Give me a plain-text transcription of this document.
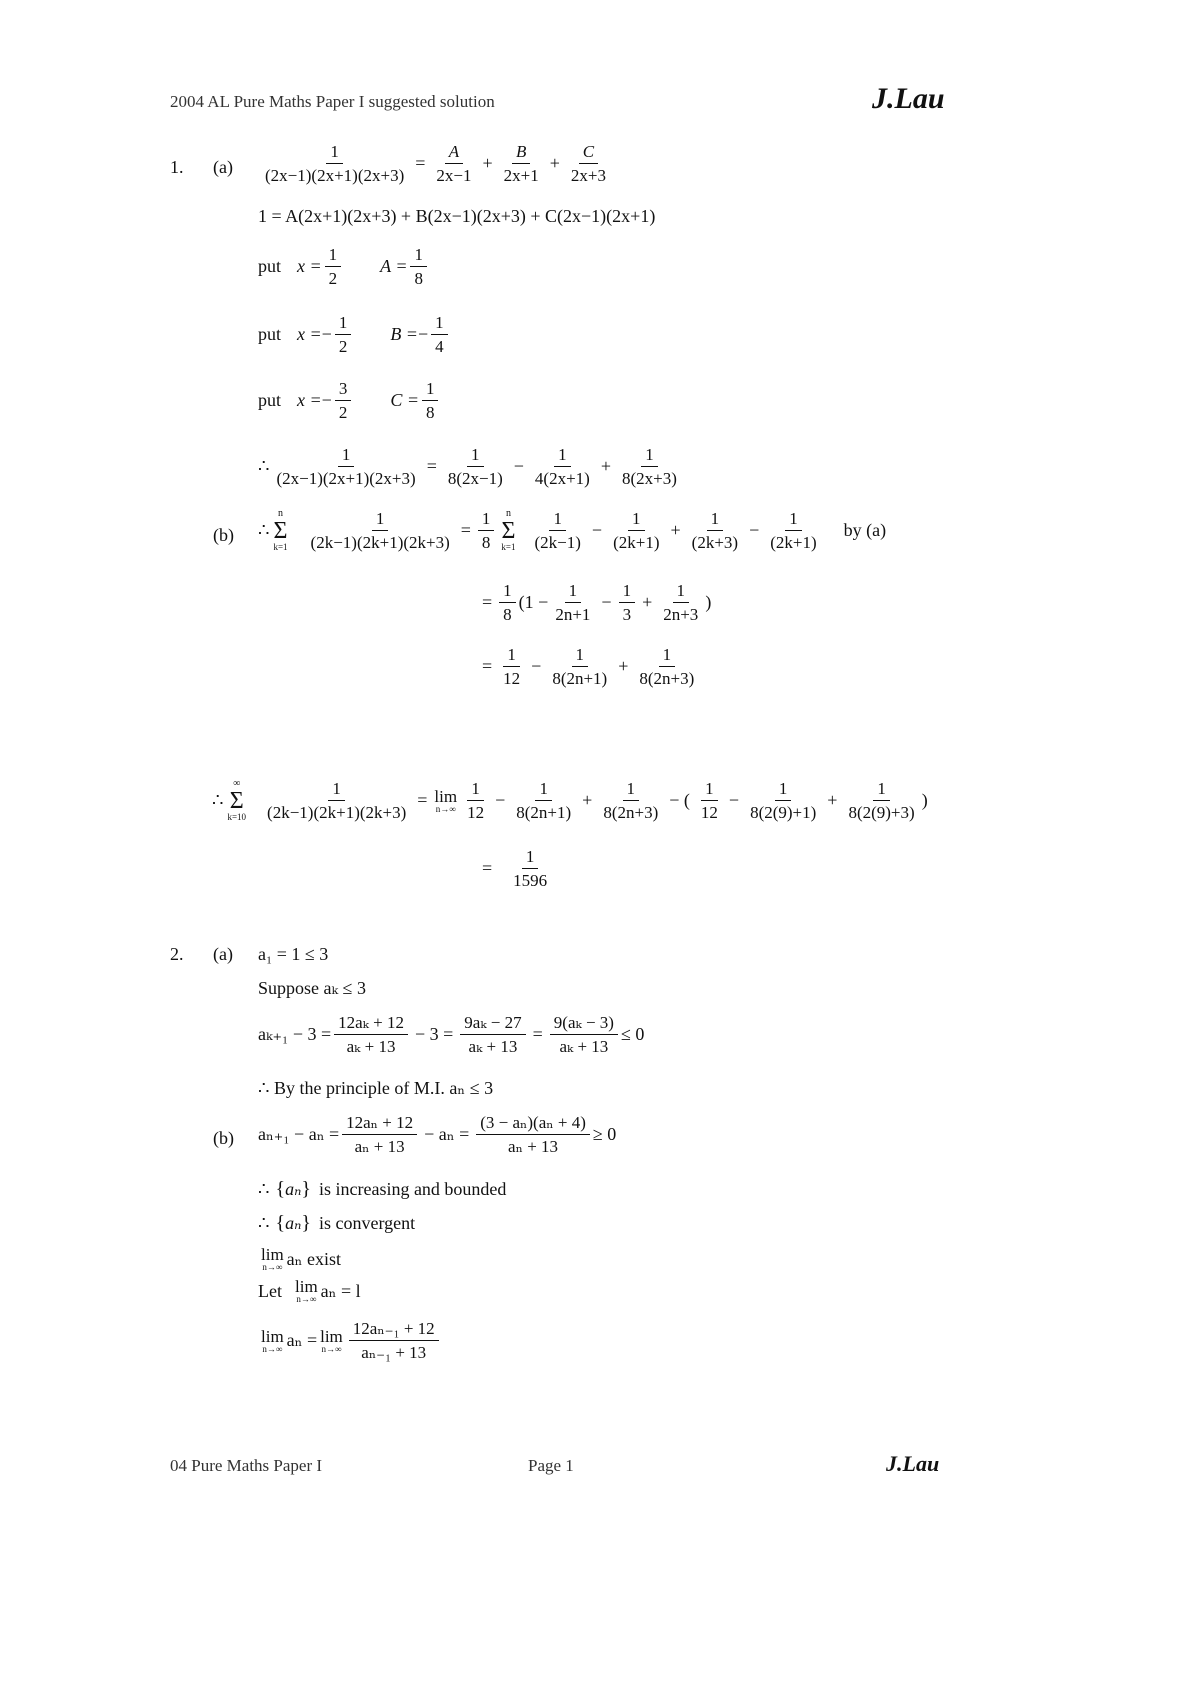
2004 AL Pure Maths Paper I suggested solution	J.Lau
1. $(a) \frac{1}{(2x-1)(2x+1)(2x+3)} = \frac{A}{2x-1} + \frac{B}{2x+1} + \frac{C}{2x+3}$
1 = A(2x+1)(2x+3) + B(2x−1)(2x+3) + C(2x−1)(2x+1)
put $x = \frac{1}{2}$ $A = \frac{1}{8}$
put x = − $\frac{1}{2}$ B = − $\frac{1}{4}$
put x = − $\frac{3}{2}$ $C = \frac{1}{8}$
∴ $\frac{1}{(2x-1)(2x+1)(2x+3)} = \frac{1}{8(2x-1)} - \frac{1}{4(2x+1)} + \frac{1}{8(2x+3)}$
(b) ∴
n
Σ
$k=1 \frac{1}{(2k-1)(2k+1)(2k+3)} = \frac{1}{8}$ n
Σ
$k=1 \frac{1}{(2k-1)} - \frac{1}{(2k+1)} + \frac{1}{(2k+3)} - \frac{1}{(2k+1)}$ by (a)
= $\frac{1}{8} (1 - \frac{1}{2n+1} - \frac{1}{3} + \frac{1}{2n+3}$ )
= $\frac{1}{12} - \frac{1}{8(2n+1)} + \frac{1}{8(2n+3)}$
∴
∞
Σ
$k=10 \frac{1}{(2k-1)(2k+1)(2k+3)} = \lim$
$n\to\infty \frac{1}{12} - \frac{1}{8(2n+1)} + \frac{1}{8(2n+3)}$ − ( $\frac{1}{12} - \frac{1}{8(2(9)+1)} + \frac{1}{8(2(9)+3)}$ )
= $\frac{1}{1596}$
2. (a) a₁ = 1 ≤ 3
Suppose aₖ ≤ 3
$a_{k+1} - 3 = \frac{\text{12aₖ + 12}}{\text{aₖ + 13}} - 3 = \frac{\text{9aₖ − 27}}{\text{aₖ + 13}} = \frac{\text{9(aₖ − 3)}}{\text{aₖ + 13}} \le 0$
∴ By the principle of M.I. aₙ ≤ 3
(b) $a_{n+1} - a_n = \frac{\text{12aₙ + 12}}{\text{aₙ + 13}} - a_n = \frac{\text{(3 − aₙ)(aₙ + 4)}}{\text{aₙ + 13}} \ge 0$
∴ { aₙ } is increasing and bounded
∴ { aₙ } is convergent
lim
n→∞ aₙ exist
Let lim
n→∞ aₙ = l
lim
n→∞ aₙ = lim
$n\to\infty \frac{\text{12aₙ₋₁ + 12}}{\text{aₙ₋₁ + 13}}$
04 Pure Maths Paper I	Page 1	J.Lau
